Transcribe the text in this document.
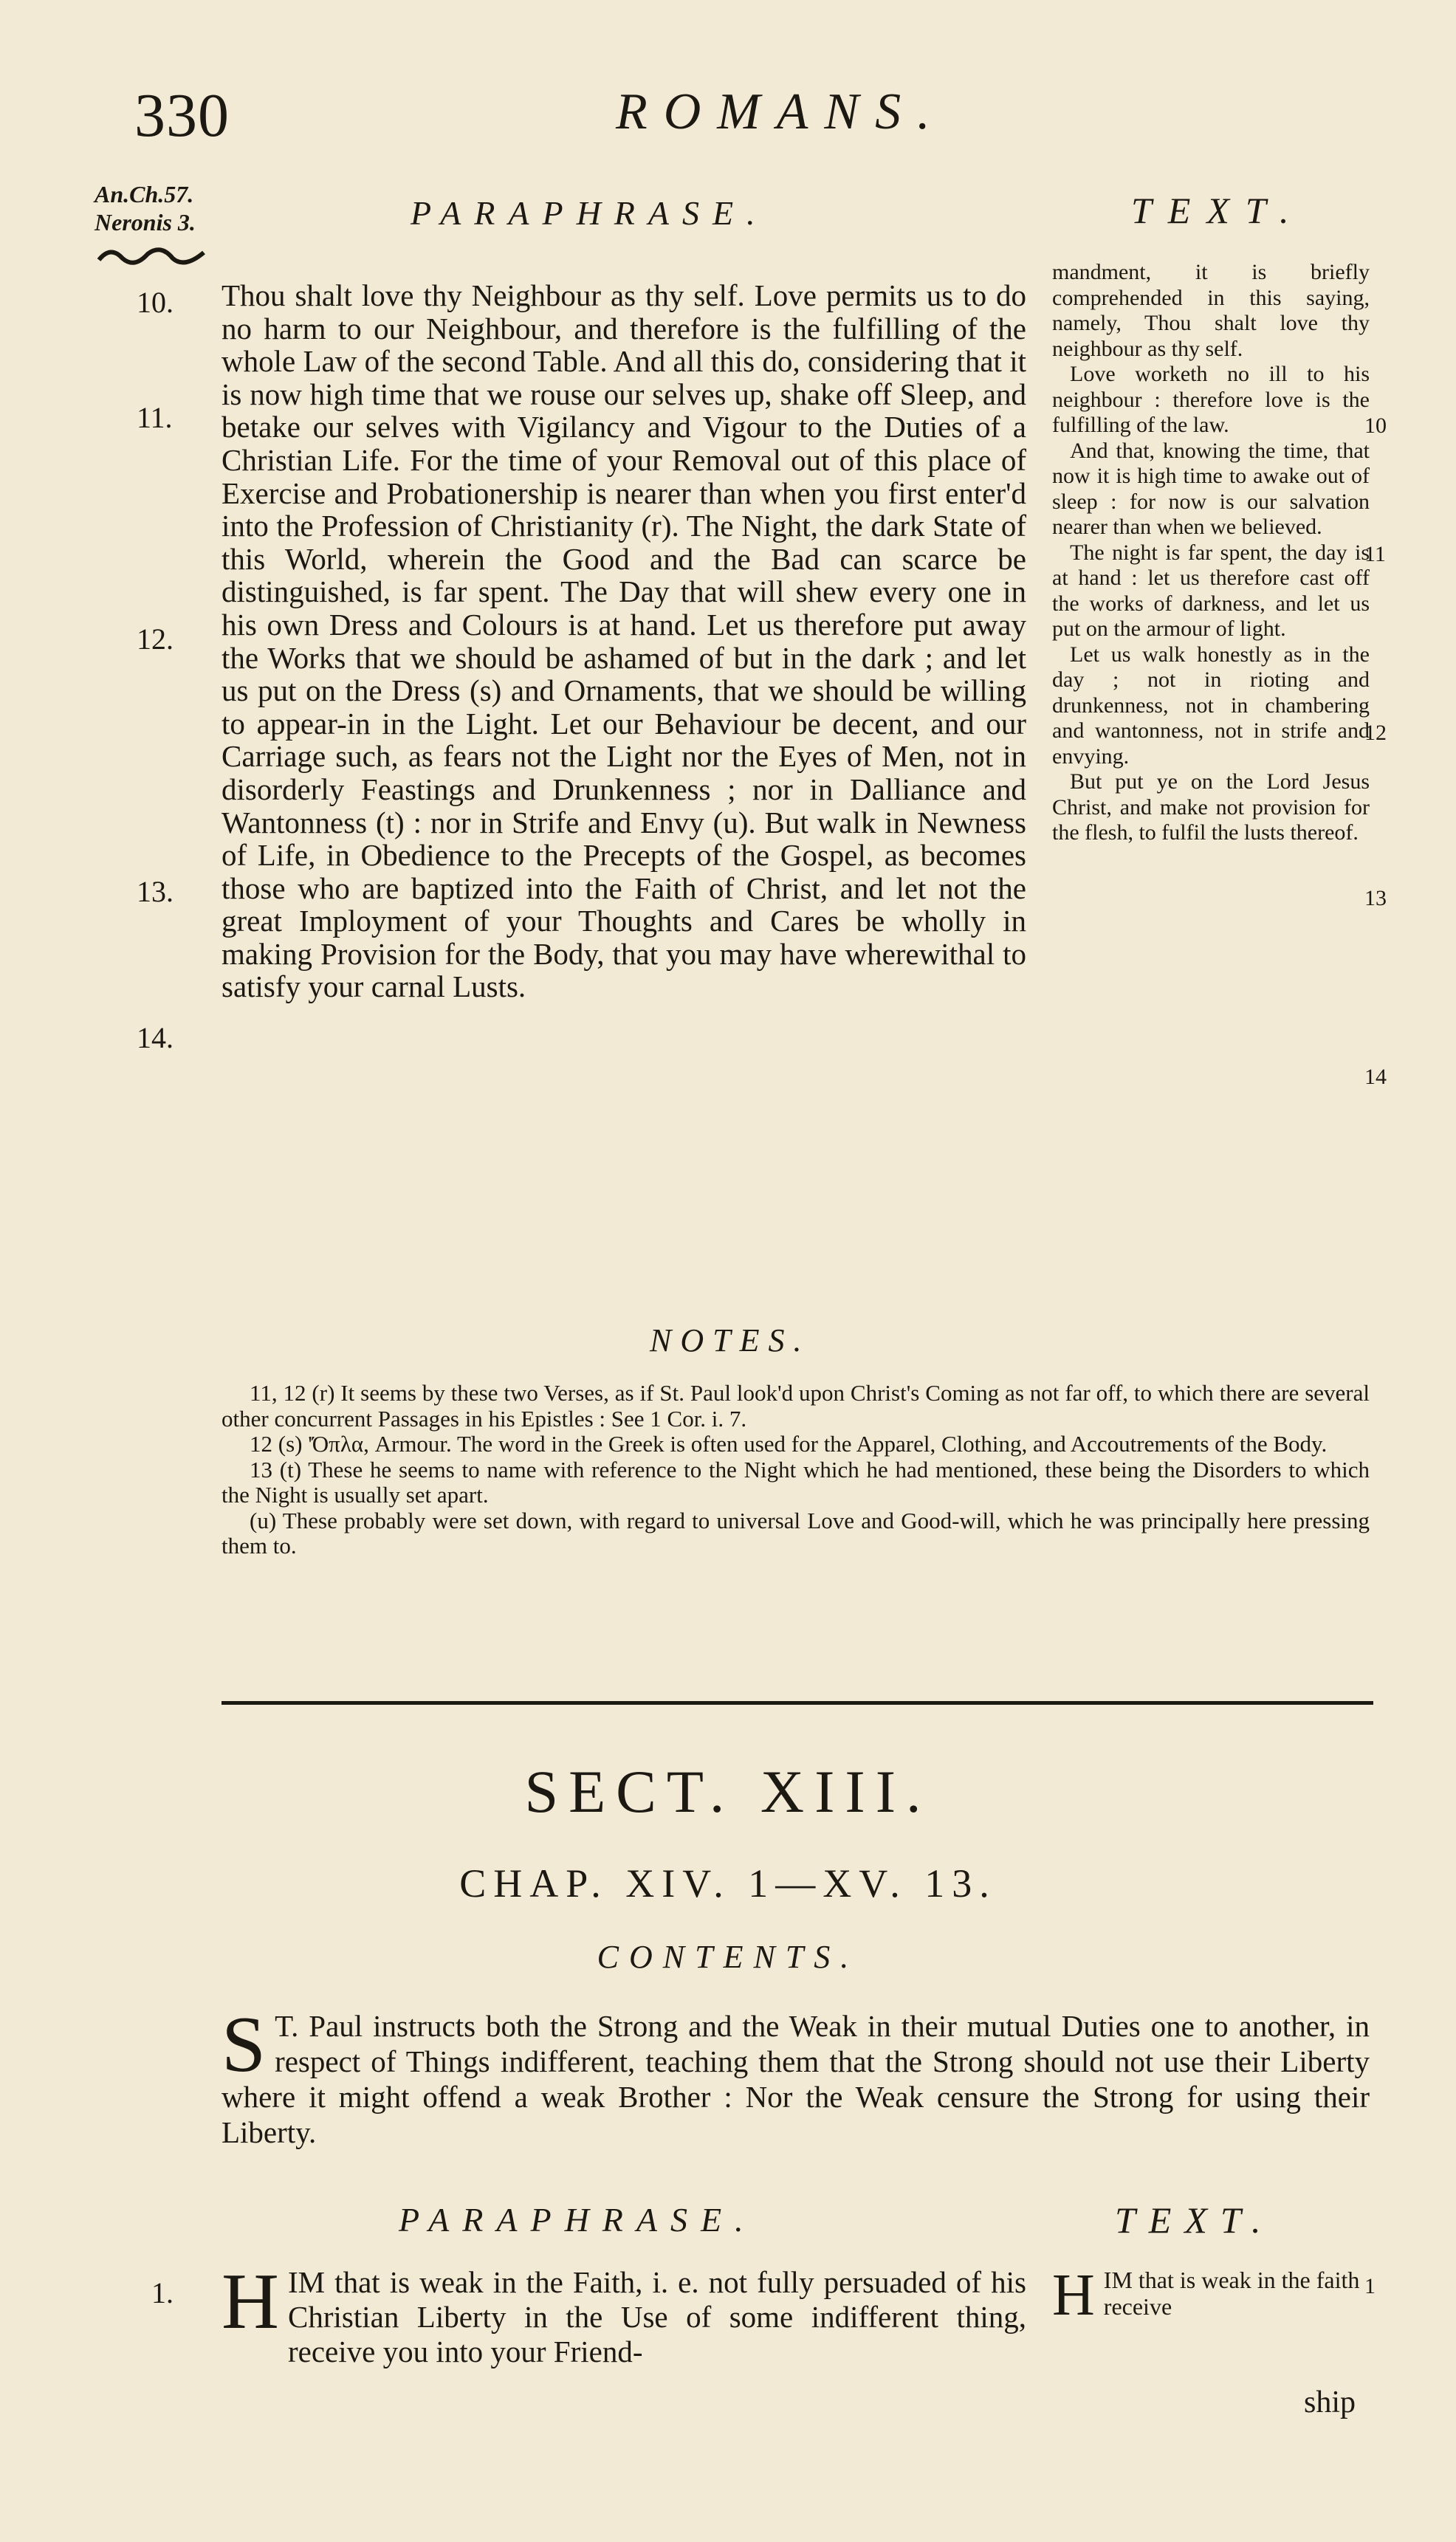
330	ROMANS.
An.Ch.57.
Neronis 3.	PARAPHRASE.	TEXT.
10.
11.
12.
13.
14.

Thou shalt love thy Neighbour as thy self. Love permits us to do no harm to our Neighbour, and therefore is the fulfilling of the whole Law of the second Table. And all this do, considering that it is now high time that we rouse our selves up, shake off Sleep, and betake our selves with Vigilancy and Vigour to the Duties of a Christian Life. For the time of your Removal out of this place of Exercise and Probationership is nearer than when you first enter'd into the Profession of Christianity (r). The Night, the dark State of this World, wherein the Good and the Bad can scarce be distinguished, is far spent. The Day that will shew every one in his own Dress and Colours is at hand. Let us therefore put away the Works that we should be ashamed of but in the dark ; and let us put on the Dress (s) and Ornaments, that we should be willing to appear-in in the Light. Let our Behaviour be decent, and our Carriage such, as fears not the Light nor the Eyes of Men, not in disorderly Feastings and Drunkenness ; nor in Dalliance and Wantonness (t) : nor in Strife and Envy (u). But walk in Newness of Life, in Obedience to the Precepts of the Gospel, as becomes those who are baptized into the Faith of Christ, and let not the great Imployment of your Thoughts and Cares be wholly in making Provision for the Body, that you may have wherewithal to satisfy your carnal Lusts.

mandment, it is briefly comprehended in this saying, namely, Thou shalt love thy neighbour as thy self.

Love worketh no ill to his neighbour : therefore love is the fulfilling of the law.

And that, knowing the time, that now it is high time to awake out of sleep : for now is our salvation nearer than when we believed.

The night is far spent, the day is at hand : let us therefore cast off the works of darkness, and let us put on the armour of light.

Let us walk honestly as in the day ; not in rioting and drunkenness, not in chambering and wantonness, not in strife and envying.

But put ye on the Lord Jesus Christ, and make not provision for the flesh, to fulfil the lusts thereof.

10
11
12
13
14
NOTES.

11, 12 (r) It seems by these two Verses, as if St. Paul look'd upon Christ's Coming as not far off, to which there are several other concurrent Passages in his Epistles : See 1 Cor. i. 7.

12 (s) 'Όπλα, Armour. The word in the Greek is often used for the Apparel, Clothing, and Accoutrements of the Body.

13 (t) These he seems to name with reference to the Night which he had mentioned, these being the Disorders to which the Night is usually set apart.

(u) These probably were set down, with regard to universal Love and Good-will, which he was principally here pressing them to.

SECT. XIII.
CHAP. XIV. 1—XV. 13.
CONTENTS.
S T. Paul instructs both the Strong and the Weak in their mutual Duties one to another, in respect of Things indifferent, teaching them that the Strong should not use their Liberty where it might offend a weak Brother : Nor the Weak censure the Strong for using their Liberty.
PARAPHRASE.	TEXT.
1. H IM that is weak in the Faith, i. e. not fully persuaded of his Christian Liberty in the Use of some indifferent thing, receive you into your Friend-
H IM that is weak in the faith receive
1
ship
